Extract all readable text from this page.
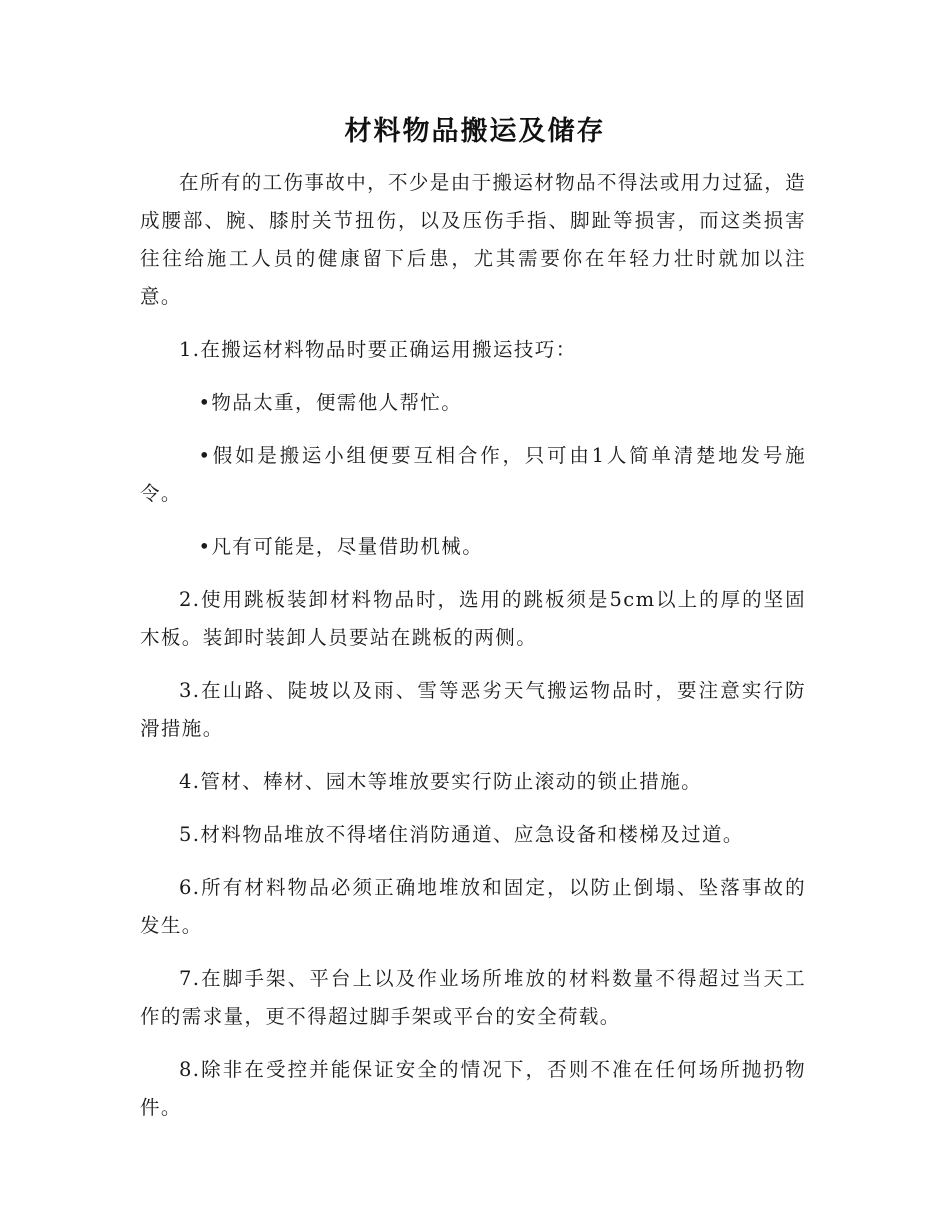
材料物品搬运及储存

在所有的工伤事故中，不少是由于搬运材物品不得法或用力过猛，造成腰部、腕、膝肘关节扭伤，以及压伤手指、脚趾等损害，而这类损害往往给施工人员的健康留下后患，尤其需要你在年轻力壮时就加以注意。

1.在搬运材料物品时要正确运用搬运技巧：

•物品太重，便需他人帮忙。

•假如是搬运小组便要互相合作，只可由1人简单清楚地发号施令。

•凡有可能是，尽量借助机械。

2.使用跳板装卸材料物品时，选用的跳板须是5cm以上的厚的坚固木板。装卸时装卸人员要站在跳板的两侧。

3.在山路、陡坡以及雨、雪等恶劣天气搬运物品时，要注意实行防滑措施。

4.管材、棒材、园木等堆放要实行防止滚动的锁止措施。

5.材料物品堆放不得堵住消防通道、应急设备和楼梯及过道。

6.所有材料物品必须正确地堆放和固定，以防止倒塌、坠落事故的发生。

7.在脚手架、平台上以及作业场所堆放的材料数量不得超过当天工作的需求量，更不得超过脚手架或平台的安全荷载。

8.除非在受控并能保证安全的情况下，否则不准在任何场所抛扔物件。
